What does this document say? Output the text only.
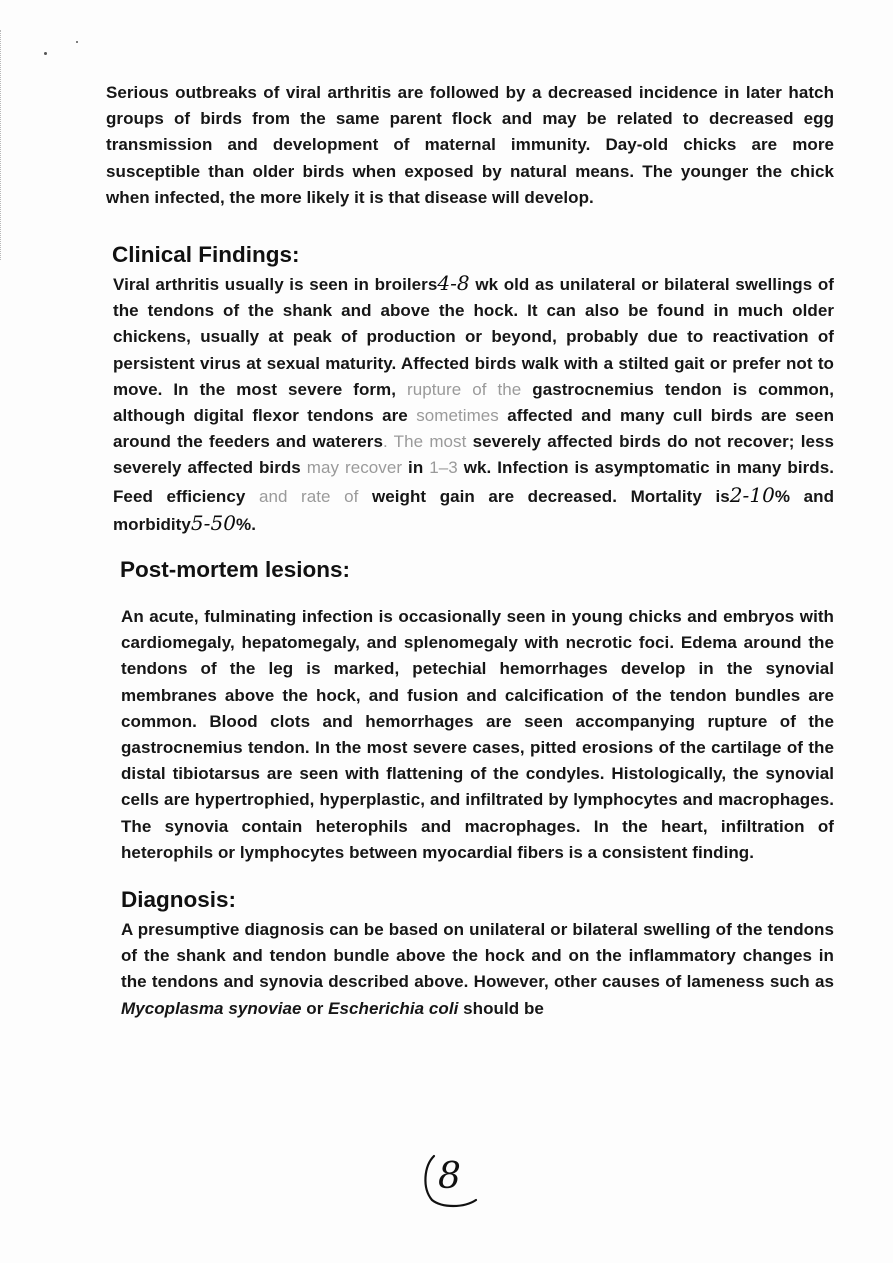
Serious outbreaks of viral arthritis are followed by a decreased incidence in later hatch groups of birds from the same parent flock and may be related to decreased egg transmission and development of maternal immunity. Day-old chicks are more susceptible than older birds when exposed by natural means. The younger the chick when infected, the more likely it is that disease will develop.

Clinical Findings:

Viral arthritis usually is seen in broilers4-8 wk old as unilateral or bilateral swellings of the tendons of the shank and above the hock. It can also be found in much older chickens, usually at peak of production or beyond, probably due to reactivation of persistent virus at sexual maturity. Affected birds walk with a stilted gait or prefer not to move. In the most severe form, rupture of the gastrocnemius tendon is common, although digital flexor tendons are sometimes affected and many cull birds are seen around the feeders and waterers. The most severely affected birds do not recover; less severely affected birds may recover in 1–3 wk. Infection is asymptomatic in many birds. Feed efficiency and rate of weight gain are decreased. Mortality is2-10% and morbidity5-50%.

Post-mortem lesions:

An acute, fulminating infection is occasionally seen in young chicks and embryos with cardiomegaly, hepatomegaly, and splenomegaly with necrotic foci. Edema around the tendons of the leg is marked, petechial hemorrhages develop in the synovial membranes above the hock, and fusion and calcification of the tendon bundles are common. Blood clots and hemorrhages are seen accompanying rupture of the gastrocnemius tendon. In the most severe cases, pitted erosions of the cartilage of the distal tibiotarsus are seen with flattening of the condyles. Histologically, the synovial cells are hypertrophied, hyperplastic, and infiltrated by lymphocytes and macrophages. The synovia contain heterophils and macrophages. In the heart, infiltration of heterophils or lymphocytes between myocardial fibers is a consistent finding.

Diagnosis:

A presumptive diagnosis can be based on unilateral or bilateral swelling of the tendons of the shank and tendon bundle above the hock and on the inflammatory changes in the tendons and synovia described above. However, other causes of lameness such as Mycoplasma synoviae or Escherichia coli should be

8
